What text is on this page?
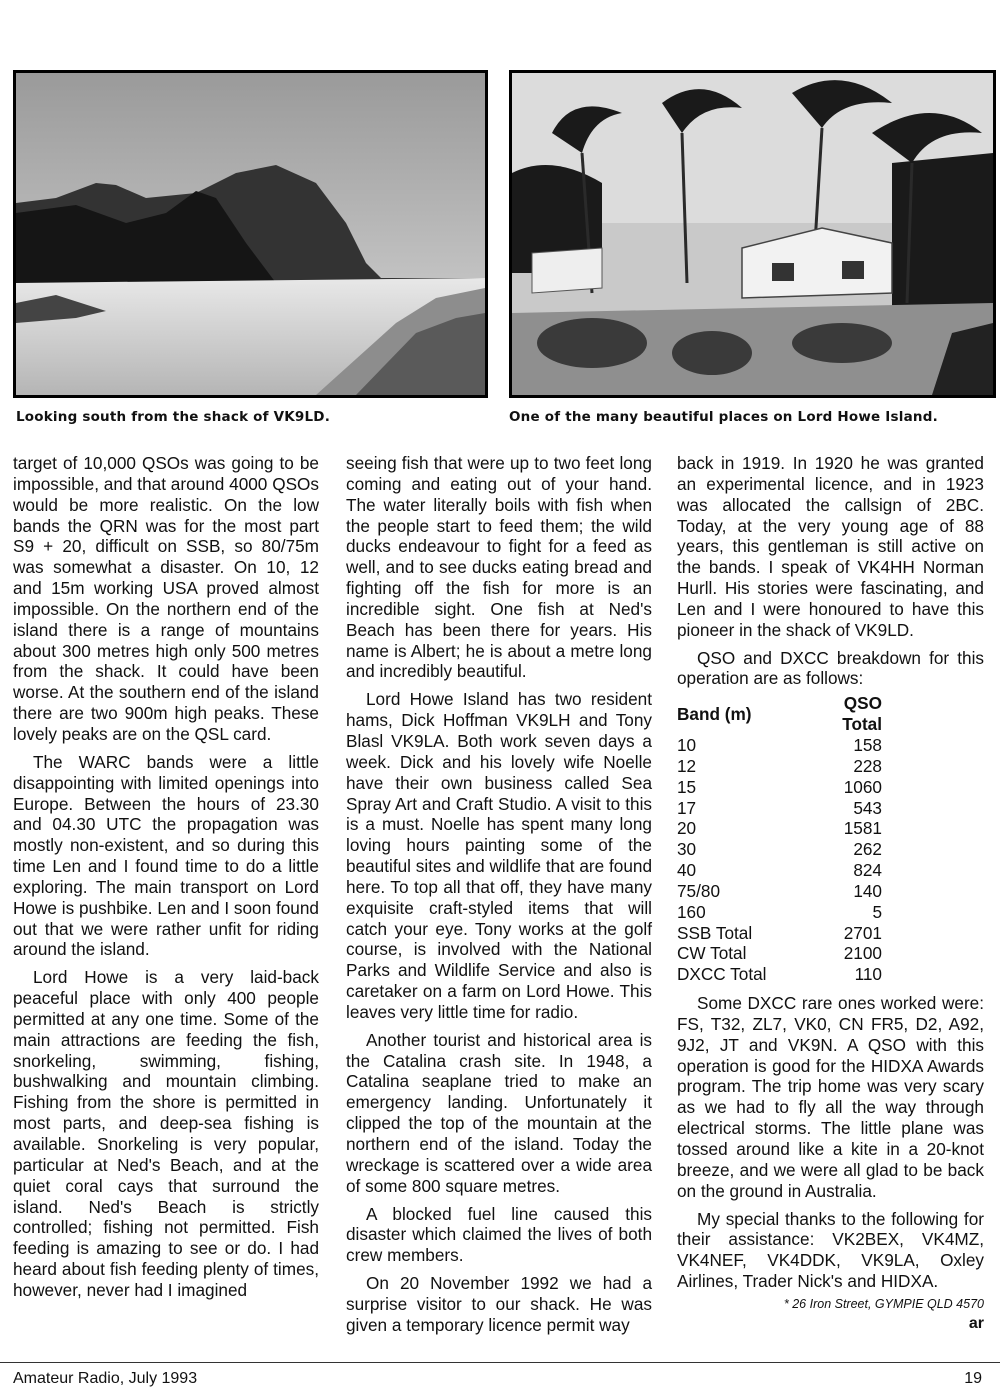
Looking south from the shack of VK9LD.	One of the many beautiful places on Lord Howe Island.

target of 10,000 QSOs was going to be impossible, and that around 4000 QSOs would be more realistic. On the low bands the QRN was for the most part S9 + 20, difficult on SSB, so 80/75m was somewhat a disaster. On 10, 12 and 15m working USA proved almost impossible. On the northern end of the island there is a range of mountains about 300 metres high only 500 metres from the shack. It could have been worse. At the southern end of the island there are two 900m high peaks. These lovely peaks are on the QSL card.

The WARC bands were a little disappointing with limited openings into Europe. Between the hours of 23.30 and 04.30 UTC the propagation was mostly non-existent, and so during this time Len and I found time to do a little exploring. The main transport on Lord Howe is pushbike. Len and I soon found out that we were rather unfit for riding around the island.

Lord Howe is a very laid-back peaceful place with only 400 people permitted at any one time. Some of the main attractions are feeding the fish, snorkeling, swimming, fishing, bushwalking and mountain climbing. Fishing from the shore is permitted in most parts, and deep-sea fishing is available. Snorkeling is very popular, particular at Ned's Beach, and at the quiet coral cays that surround the island. Ned's Beach is strictly controlled; fishing not permitted. Fish feeding is amazing to see or do. I had heard about fish feeding plenty of times, however, never had I imagined

seeing fish that were up to two feet long coming and eating out of your hand. The water literally boils with fish when the people start to feed them; the wild ducks endeavour to fight for a feed as well, and to see ducks eating bread and fighting off the fish for more is an incredible sight. One fish at Ned's Beach has been there for years. His name is Albert; he is about a metre long and incredibly beautiful.

Lord Howe Island has two resident hams, Dick Hoffman VK9LH and Tony Blasl VK9LA. Both work seven days a week. Dick and his lovely wife Noelle have their own business called Sea Spray Art and Craft Studio. A visit to this is a must. Noelle has spent many long loving hours painting some of the beautiful sites and wildlife that are found here. To top all that off, they have many exquisite craft-styled items that will catch your eye. Tony works at the golf course, is involved with the National Parks and Wildlife Service and also is caretaker on a farm on Lord Howe. This leaves very little time for radio.

Another tourist and historical area is the Catalina crash site. In 1948, a Catalina seaplane tried to make an emergency landing. Unfortunately it clipped the top of the mountain at the northern end of the island. Today the wreckage is scattered over a wide area of some 800 square metres.

A blocked fuel line caused this disaster which claimed the lives of both crew members.

On 20 November 1992 we had a surprise visitor to our shack. He was given a temporary licence permit way

back in 1919. In 1920 he was granted an experimental licence, and in 1923 was allocated the callsign of 2BC. Today, at the very young age of 88 years, this gentleman is still active on the bands. I speak of VK4HH Norman Hurll. His stories were fascinating, and Len and I were honoured to have this pioneer in the shack of VK9LD.

QSO and DXCC breakdown for this operation are as follows:

Band (m)	QSO Total
10	158
12	228
15	1060
17	543
20	1581
30	262
40	824
75/80	140
160	5
SSB Total	2701
CW Total	2100
DXCC Total	110

Some DXCC rare ones worked were: FS, T32, ZL7, VK0, CN FR5, D2, A92, 9J2, JT and VK9N. A QSO with this operation is good for the HIDXA Awards program. The trip home was very scary as we had to fly all the way through electrical storms. The little plane was tossed around like a kite in a 20-knot breeze, and we were all glad to be back on the ground in Australia.

My special thanks to the following for their assistance: VK2BEX, VK4MZ, VK4NEF, VK4DDK, VK9LA, Oxley Airlines, Trader Nick's and HIDXA.

* 26 Iron Street, GYMPIE QLD 4570
ar
Amateur Radio, July 1993	19
